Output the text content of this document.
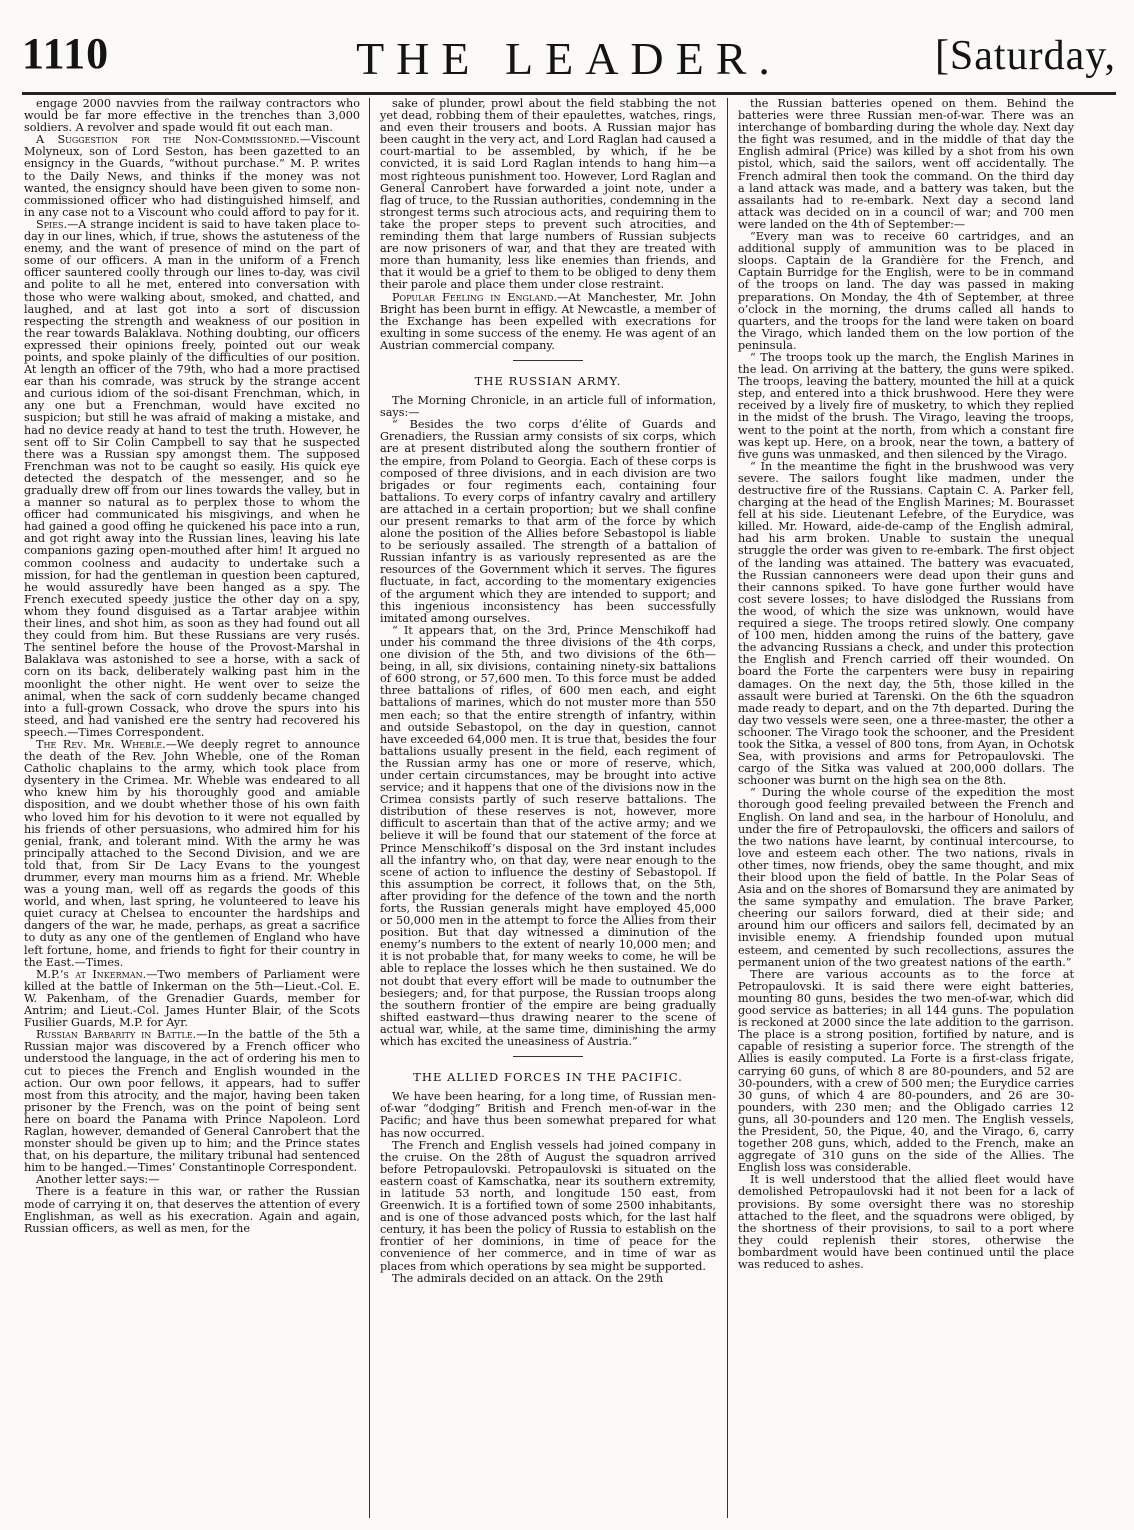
1110	THE LEADER.	[Saturday,

engage 2000 navvies from the railway contractors who would be far more effective in the trenches than 3,000 soldiers. A revolver and spade would fit out each man.

A Suggestion for the Non-Commissioned.—Viscount Molyneux, son of Lord Seston, has been gazetted to an ensigncy in the Guards, “without purchase.” M. P. writes to the Daily News, and thinks if the money was not wanted, the ensigncy should have been given to some non-commissioned officer who had distinguished himself, and in any case not to a Viscount who could afford to pay for it.

Spies.—A strange incident is said to have taken place to-day in our lines, which, if true, shows the astuteness of the enemy, and the want of presence of mind on the part of some of our officers. A man in the uniform of a French officer sauntered coolly through our lines to-day, was civil and polite to all he met, entered into conversation with those who were walking about, smoked, and chatted, and laughed, and at last got into a sort of discussion respecting the strength and weakness of our position in the rear towards Balaklava. Nothing doubting, our officers expressed their opinions freely, pointed out our weak points, and spoke plainly of the difficulties of our position. At length an officer of the 79th, who had a more practised ear than his comrade, was struck by the strange accent and curious idiom of the soi-disant Frenchman, which, in any one but a Frenchman, would have excited no suspicion; but still he was afraid of making a mistake, and had no device ready at hand to test the truth. However, he sent off to Sir Colin Campbell to say that he suspected there was a Russian spy amongst them. The supposed Frenchman was not to be caught so easily. His quick eye detected the despatch of the messenger, and so he gradually drew off from our lines towards the valley, but in a manner so natural as to perplex those to whom the officer had communicated his misgivings, and when he had gained a good offing he quickened his pace into a run, and got right away into the Russian lines, leaving his late companions gazing open-mouthed after him! It argued no common coolness and audacity to undertake such a mission, for had the gentleman in question been captured, he would assuredly have been hanged as a spy. The French executed speedy justice the other day on a spy, whom they found disguised as a Tartar arabjee within their lines, and shot him, as soon as they had found out all they could from him. But these Russians are very rusés. The sentinel before the house of the Provost-Marshal in Balaklava was astonished to see a horse, with a sack of corn on its back, deliberately walking past him in the moonlight the other night. He went over to seize the animal, when the sack of corn suddenly became changed into a full-grown Cossack, who drove the spurs into his steed, and had vanished ere the sentry had recovered his speech.—Times Correspondent.

The Rev. Mr. Wheble.—We deeply regret to announce the death of the Rev. John Wheble, one of the Roman Catholic chaplains to the army, which took place from dysentery in the Crimea. Mr. Wheble was endeared to all who knew him by his thoroughly good and amiable disposition, and we doubt whether those of his own faith who loved him for his devotion to it were not equalled by his friends of other persuasions, who admired him for his genial, frank, and tolerant mind. With the army he was principally attached to the Second Division, and we are told that, from Sir De Lacy Evans to the youngest drummer, every man mourns him as a friend. Mr. Wheble was a young man, well off as regards the goods of this world, and when, last spring, he volunteered to leave his quiet curacy at Chelsea to encounter the hardships and dangers of the war, he made, perhaps, as great a sacrifice to duty as any one of the gentlemen of England who have left fortune, home, and friends to fight for their country in the East.—Times.

M.P.’s at Inkerman.—Two members of Parliament were killed at the battle of Inkerman on the 5th—Lieut.-Col. E. W. Pakenham, of the Grenadier Guards, member for Antrim; and Lieut.-Col. James Hunter Blair, of the Scots Fusilier Guards, M.P. for Ayr.

Russian Barbarity in Battle.—In the battle of the 5th a Russian major was discovered by a French officer who understood the language, in the act of ordering his men to cut to pieces the French and English wounded in the action. Our own poor fellows, it appears, had to suffer most from this atrocity, and the major, having been taken prisoner by the French, was on the point of being sent here on board the Panama with Prince Napoleon. Lord Raglan, however, demanded of General Canrobert that the monster should be given up to him; and the Prince states that, on his departure, the military tribunal had sentenced him to be hanged.—Times’ Constantinople Correspondent.

Another letter says:—

There is a feature in this war, or rather the Russian mode of carrying it on, that deserves the attention of every Englishman, as well as his execration. Again and again, Russian officers, as well as men, for the

sake of plunder, prowl about the field stabbing the not yet dead, robbing them of their epaulettes, watches, rings, and even their trousers and boots. A Russian major has been caught in the very act, and Lord Raglan had caused a court-martial to be assembled, by which, if he be convicted, it is said Lord Raglan intends to hang him—a most righteous punishment too. However, Lord Raglan and General Canrobert have forwarded a joint note, under a flag of truce, to the Russian authorities, condemning in the strongest terms such atrocious acts, and requiring them to take the proper steps to prevent such atrocities, and reminding them that large numbers of Russian subjects are now prisoners of war, and that they are treated with more than humanity, less like enemies than friends, and that it would be a grief to them to be obliged to deny them their parole and place them under close restraint.

Popular Feeling in England.—At Manchester, Mr. John Bright has been burnt in effigy. At Newcastle, a member of the Exchange has been expelled with execrations for exulting in some success of the enemy. He was agent of an Austrian commercial company.

THE RUSSIAN ARMY.

The Morning Chronicle, in an article full of information, says:—

“ Besides the two corps d’élite of Guards and Grenadiers, the Russian army consists of six corps, which are at present distributed along the southern frontier of the empire, from Poland to Georgia. Each of these corps is composed of three divisions, and in each division are two brigades or four regiments each, containing four battalions. To every corps of infantry cavalry and artillery are attached in a certain proportion; but we shall confine our present remarks to that arm of the force by which alone the position of the Allies before Sebastopol is liable to be seriously assailed. The strength of a battalion of Russian infantry is as variously represented as are the resources of the Government which it serves. The figures fluctuate, in fact, according to the momentary exigencies of the argument which they are intended to support; and this ingenious inconsistency has been successfully imitated among ourselves.

“ It appears that, on the 3rd, Prince Menschikoff had under his command the three divisions of the 4th corps, one division of the 5th, and two divisions of the 6th—being, in all, six divisions, containing ninety-six battalions of 600 strong, or 57,600 men. To this force must be added three battalions of rifles, of 600 men each, and eight battalions of marines, which do not muster more than 550 men each; so that the entire strength of infantry, within and outside Sebastopol, on the day in question, cannot have exceeded 64,000 men. It is true that, besides the four battalions usually present in the field, each regiment of the Russian army has one or more of reserve, which, under certain circumstances, may be brought into active service; and it happens that one of the divisions now in the Crimea consists partly of such reserve battalions. The distribution of these reserves is not, however, more difficult to ascertain than that of the active army; and we believe it will be found that our statement of the force at Prince Menschikoff’s disposal on the 3rd instant includes all the infantry who, on that day, were near enough to the scene of action to influence the destiny of Sebastopol. If this assumption be correct, it follows that, on the 5th, after providing for the defence of the town and the north forts, the Russian generals might have employed 45,000 or 50,000 men in the attempt to force the Allies from their position. But that day witnessed a diminution of the enemy’s numbers to the extent of nearly 10,000 men; and it is not probable that, for many weeks to come, he will be able to replace the losses which he then sustained. We do not doubt that every effort will be made to outnumber the besiegers; and, for that purpose, the Russian troops along the southern frontier of the empire are being gradually shifted eastward—thus drawing nearer to the scene of actual war, while, at the same time, diminishing the army which has excited the uneasiness of Austria.”

THE ALLIED FORCES IN THE PACIFIC.

We have been hearing, for a long time, of Russian men-of-war “dodging” British and French men-of-war in the Pacific; and have thus been somewhat prepared for what has now occurred.

The French and English vessels had joined company in the cruise. On the 28th of August the squadron arrived before Petropaulovski. Petropaulovski is situated on the eastern coast of Kamschatka, near its southern extremity, in latitude 53 north, and longitude 150 east, from Greenwich. It is a fortified town of some 2500 inhabitants, and is one of those advanced posts which, for the last half century, it has been the policy of Russia to establish on the frontier of her dominions, in time of peace for the convenience of her commerce, and in time of war as places from which operations by sea might be supported.

The admirals decided on an attack. On the 29th

the Russian batteries opened on them. Behind the batteries were three Russian men-of-war. There was an interchange of bombarding during the whole day. Next day the fight was resumed, and in the middle of that day the English admiral (Price) was killed by a shot from his own pistol, which, said the sailors, went off accidentally. The French admiral then took the command. On the third day a land attack was made, and a battery was taken, but the assailants had to re-embark. Next day a second land attack was decided on in a council of war; and 700 men were landed on the 4th of September:—

“Every man was to receive 60 cartridges, and an additional supply of ammunition was to be placed in sloops. Captain de la Grandière for the French, and Captain Burridge for the English, were to be in command of the troops on land. The day was passed in making preparations. On Monday, the 4th of September, at three o’clock in the morning, the drums called all hands to quarters, and the troops for the land were taken on board the Virago, which landed them on the low portion of the peninsula.

“ The troops took up the march, the English Marines in the lead. On arriving at the battery, the guns were spiked. The troops, leaving the battery, mounted the hill at a quick step, and entered into a thick brushwood. Here they were received by a lively fire of musketry, to which they replied in the midst of the brush. The Virago, leaving the troops, went to the point at the north, from which a constant fire was kept up. Here, on a brook, near the town, a battery of five guns was unmasked, and then silenced by the Virago.

“ In the meantime the fight in the brushwood was very severe. The sailors fought like madmen, under the destructive fire of the Russians. Captain C. A. Parker fell, charging at the head of the English Marines; M. Bourasset fell at his side. Lieutenant Lefebre, of the Eurydice, was killed. Mr. Howard, aide-de-camp of the English admiral, had his arm broken. Unable to sustain the unequal struggle the order was given to re-embark. The first object of the landing was attained. The battery was evacuated, the Russian cannoneers were dead upon their guns and their cannons spiked. To have gone further would have cost severe losses; to have dislodged the Russians from the wood, of which the size was unknown, would have required a siege. The troops retired slowly. One company of 100 men, hidden among the ruins of the battery, gave the advancing Russians a check, and under this protection the English and French carried off their wounded. On board the Forte the carpenters were busy in repairing damages. On the next day, the 5th, those killed in the assault were buried at Tarenski. On the 6th the squadron made ready to depart, and on the 7th departed. During the day two vessels were seen, one a three-master, the other a schooner. The Virago took the schooner, and the President took the Sitka, a vessel of 800 tons, from Ayan, in Ochotsk Sea, with provisions and arms for Petropaulovski. The cargo of the Sitka was valued at 200,000 dollars. The schooner was burnt on the high sea on the 8th.

“ During the whole course of the expedition the most thorough good feeling prevailed between the French and English. On land and sea, in the harbour of Honolulu, and under the fire of Petropaulovski, the officers and sailors of the two nations have learnt, by continual intercourse, to love and esteem each other. The two nations, rivals in other times, now friends, obey the same thought, and mix their blood upon the field of battle. In the Polar Seas of Asia and on the shores of Bomarsund they are animated by the same sympathy and emulation. The brave Parker, cheering our sailors forward, died at their side; and around him our officers and sailors fell, decimated by an invisible enemy. A friendship founded upon mutual esteem, and cemented by such recollections, assures the permanent union of the two greatest nations of the earth.”

There are various accounts as to the force at Petropaulovski. It is said there were eight batteries, mounting 80 guns, besides the two men-of-war, which did good service as batteries; in all 144 guns. The population is reckoned at 2000 since the late addition to the garrison. The place is a strong position, fortified by nature, and is capable of resisting a superior force. The strength of the Allies is easily computed. La Forte is a first-class frigate, carrying 60 guns, of which 8 are 80-pounders, and 52 are 30-pounders, with a crew of 500 men; the Eurydice carries 30 guns, of which 4 are 80-pounders, and 26 are 30-pounders, with 230 men; and the Obligado carries 12 guns, all 30-pounders and 120 men. The English vessels, the President, 50, the Pique, 40, and the Virago, 6, carry together 208 guns, which, added to the French, make an aggregate of 310 guns on the side of the Allies. The English loss was considerable.

It is well understood that the allied fleet would have demolished Petropaulovski had it not been for a lack of provisions. By some oversight there was no storeship attached to the fleet, and the squadrons were obliged, by the shortness of their provisions, to sail to a port where they could replenish their stores, otherwise the bombardment would have been continued until the place was reduced to ashes.
